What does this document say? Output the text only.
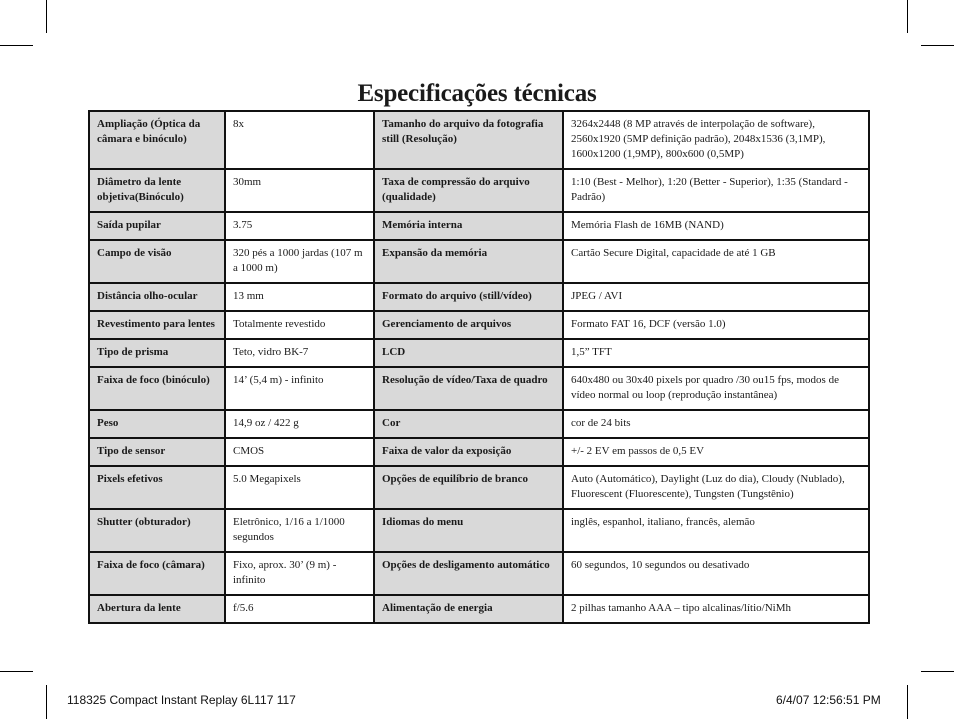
Especificações técnicas
Ampliação (Óptica da câmara e binóculo)	8x	Tamanho do arquivo da fotografia still (Resolução)	3264x2448 (8 MP através de interpolação de software), 2560x1920 (5MP definição padrão), 2048x1536 (3,1MP), 1600x1200 (1,9MP), 800x600 (0,5MP)
Diâmetro da lente objetiva(Binóculo)	30mm	Taxa de compressão do arquivo (qualidade)	1:10 (Best - Melhor), 1:20 (Better - Superior), 1:35 (Standard - Padrão)
Saída pupilar	3.75	Memória interna	Memória Flash de 16MB (NAND)
Campo de visão	320 pés a 1000 jardas (107 m a 1000 m)	Expansão da memória	Cartão Secure Digital, capacidade de até 1 GB
Distância olho-ocular	13 mm	Formato do arquivo (still/vídeo)	JPEG / AVI
Revestimento para lentes	Totalmente revestido	Gerenciamento de arquivos	Formato FAT 16, DCF (versão 1.0)
Tipo de prisma	Teto, vidro BK-7	LCD	1,5” TFT
Faixa de foco (binóculo)	14’ (5,4 m) - infinito	Resolução de vídeo/Taxa de quadro	640x480 ou 30x40 pixels por quadro /30 ou15 fps, modos de vídeo normal ou loop (reprodução instantânea)
Peso	14,9 oz / 422 g	Cor	cor de 24 bits
Tipo de sensor	CMOS	Faixa de valor da exposição	+/- 2 EV em passos de 0,5 EV
Pixels efetivos	5.0 Megapixels	Opções de equilíbrio de branco	Auto (Automático), Daylight (Luz do dia), Cloudy (Nublado), Fluorescent (Fluorescente), Tungsten (Tungstênio)
Shutter (obturador)	Eletrônico, 1/16 a 1/1000 segundos	Idiomas do menu	inglês, espanhol, italiano, francês, alemão
Faixa de foco (câmara)	Fixo, aprox. 30’ (9 m) - infinito	Opções de desligamento automático	60 segundos, 10 segundos ou desativado
Abertura da lente	f/5.6	Alimentação de energia	2 pilhas tamanho AAA – tipo alcalinas/lítio/NiMh
118325 Compact Instant Replay 6L117 117	6/4/07 12:56:51 PM
